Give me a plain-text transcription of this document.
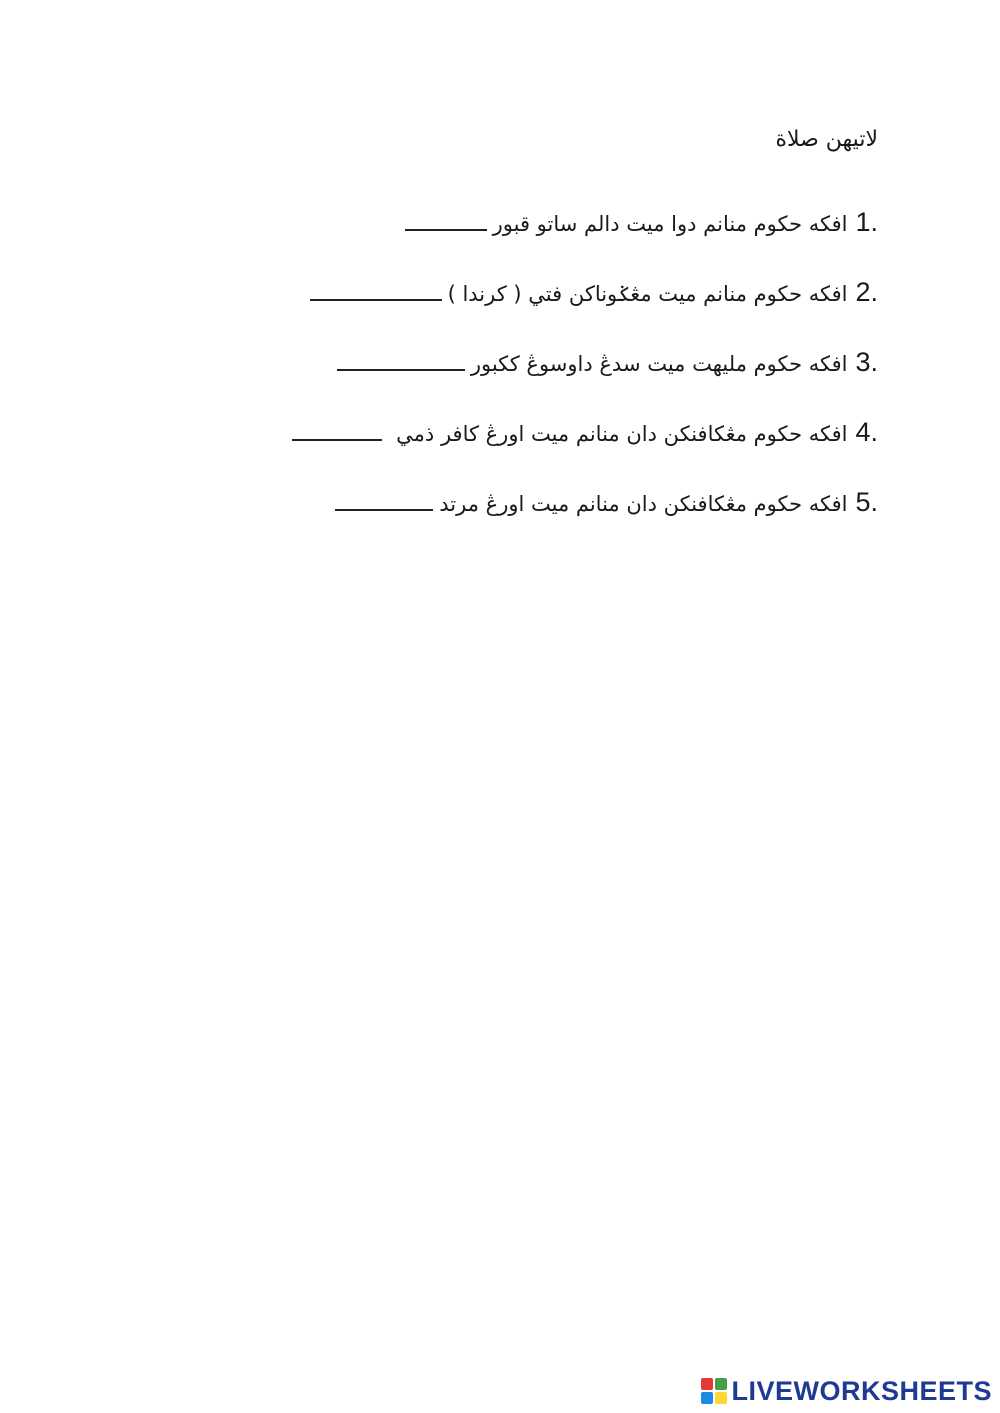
لاتيهن صلاة
1.
افكه حكوم منانم دوا ميت دالم ساتو قبور
2.
افكه حكوم منانم ميت مڠݢوناكن فتي ( كرندا )
3.
افكه حكوم مليهت ميت سدڠ داوسوڠ ككبور
4.
افكه حكوم مڠكافنكن دان منانم ميت اورڠ كافر ذمي
5.
افكه حكوم مڠكافنكن دان منانم ميت اورڠ مرتد
LIVEWORKSHEETS
